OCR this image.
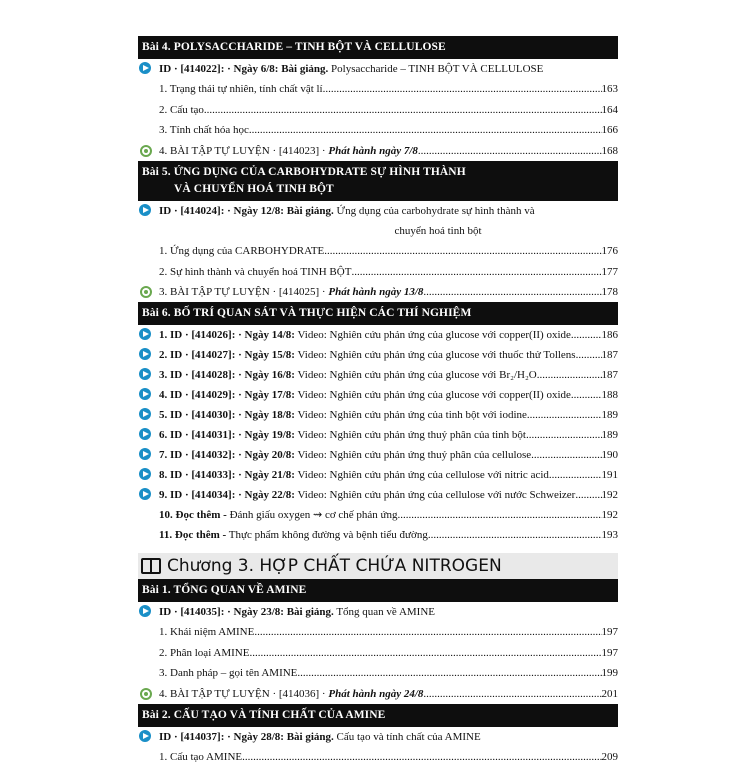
Bài 4. POLYSACCHARIDE – TINH BỘT VÀ CELLULOSE
ID · [414022]: · Ngày 6/8: Bài giảng. Polysaccharide – TINH BỘT VÀ CELLULOSE
1. Trạng thái tự nhiên, tính chất vật lí .....	163
2. Cấu tạo .....	164
3. Tính chất hóa học .....	166
4. BÀI TẬP TỰ LUYỆN · [414023] · Phát hành ngày 7/8 .....	168
Bài 5. ỨNG DỤNG CỦA CARBOHYDRATE SỰ HÌNH THÀNH
VÀ CHUYỂN HOÁ TINH BỘT
ID · [414024]: · Ngày 12/8: Bài giảng. Ứng dụng của carbohydrate sự hình thành và
chuyển hoá tinh bột
1. Ứng dụng của CARBOHYDRATE .....	176
2. Sự hình thành và chuyển hoá TINH BỘT .....	177
3. BÀI TẬP TỰ LUYỆN · [414025] · Phát hành ngày 13/8 .....	178
Bài 6. BỐ TRÍ QUAN SÁT VÀ THỰC HIỆN CÁC THÍ NGHIỆM
1. ID · [414026]: · Ngày 14/8: Video: Nghiên cứu phản ứng của glucose với copper(II) oxide .....	186
2. ID · [414027]: · Ngày 15/8: Video: Nghiên cứu phản ứng của glucose với thuốc thử Tollens ..... 187
3. ID · [414028]: · Ngày 16/8: Video: Nghiên cứu phản ứng của glucose với Br₂/H₂O .....	187
4. ID · [414029]: · Ngày 17/8: Video: Nghiên cứu phản ứng của glucose với copper(II) oxide .....	188
5. ID · [414030]: · Ngày 18/8: Video: Nghiên cứu phản ứng của tinh bột với iodine .....	189
6. ID · [414031]: · Ngày 19/8: Video: Nghiên cứu phản ứng thuỷ phân của tinh bột .....	189
7. ID · [414032]: · Ngày 20/8: Video: Nghiên cứu phản ứng thuỷ phân của cellulose .....	190
8. ID · [414033]: · Ngày 21/8: Video: Nghiên cứu phản ứng của cellulose với nitric acid .....	191
9. ID · [414034]: · Ngày 22/8: Video: Nghiên cứu phản ứng của cellulose với nước Schweizer ..... 192
10. Đọc thêm - Đánh giấu oxygen ⇝ cơ chế phản ứng .....	192
11. Đọc thêm - Thực phẩm không đường và bệnh tiểu đường .....	193
Chương 3. HỢP CHẤT CHỨA NITROGEN
Bài 1. TỔNG QUAN VỀ AMINE
ID · [414035]: · Ngày 23/8: Bài giảng. Tổng quan về AMINE
1. Khái niệm AMINE .....	197
2. Phân loại AMINE .....	197
3. Danh pháp – gọi tên AMINE .....	199
4. BÀI TẬP TỰ LUYỆN · [414036] · Phát hành ngày 24/8 .....	201
Bài 2. CẤU TẠO VÀ TÍNH CHẤT CỦA AMINE
ID · [414037]: · Ngày 28/8: Bài giảng. Cấu tạo và tính chất của AMINE
1. Cấu tạo AMINE .....	209
